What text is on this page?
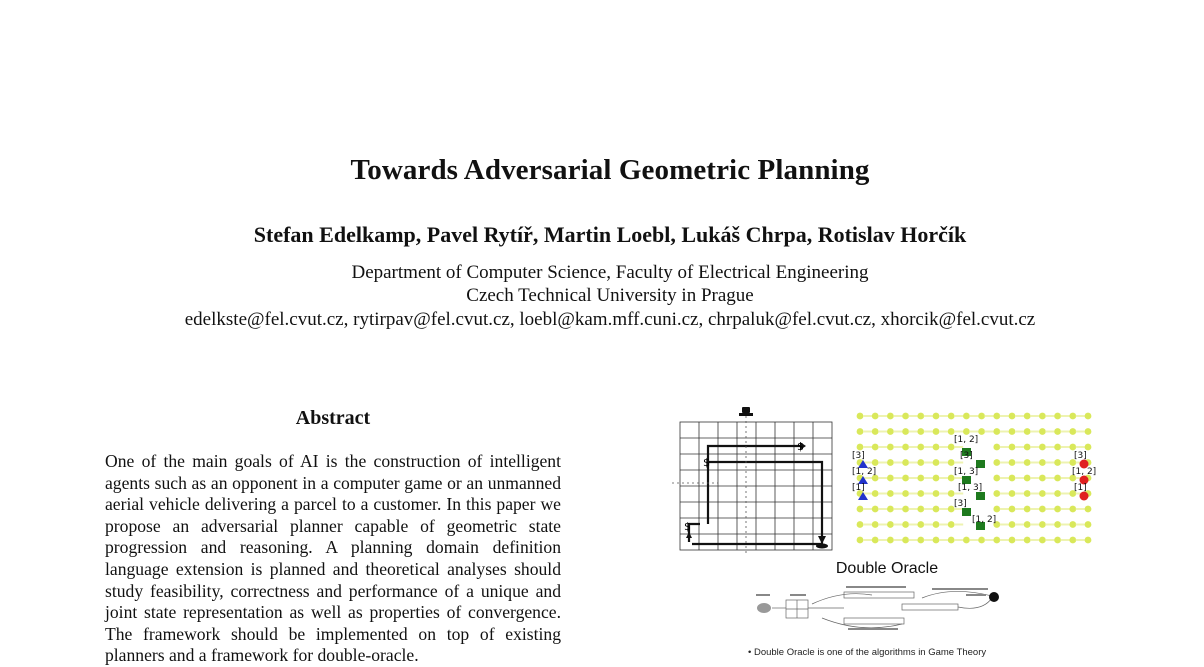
Towards Adversarial Geometric Planning
Stefan Edelkamp, Pavel Rytíř, Martin Loebl, Lukáš Chrpa, Rotislav Horčík
Department of Computer Science, Faculty of Electrical Engineering
Czech Technical University in Prague
edelkste@fel.cvut.cz, rytirpav@fel.cvut.cz, loebl@kam.mff.cuni.cz, chrpaluk@fel.cvut.cz, xhorcik@fel.cvut.cz
Abstract
One of the main goals of AI is the construction of intelligent agents such as an opponent in a computer game or an unmanned aerial vehicle delivering a parcel to a customer. In this paper we propose an adversarial planner capable of geometric state progression and reasoning. A planning domain definition language extension is planned and theoretical analyses should study feasibility, correctness and performance of a unique and joint state representation as well as properties of convergence. The framework should be implemented on top of existing planners and a framework for double-oracle.
$
$
$
[1, 2]
[3]
[1, 3]
[1, 3]
[3]
[1, 2]
[3]
[1, 2]
[1]
[3]
[1, 2]
[1]
Double Oracle
• Double Oracle is one of the algorithms in Game Theory
